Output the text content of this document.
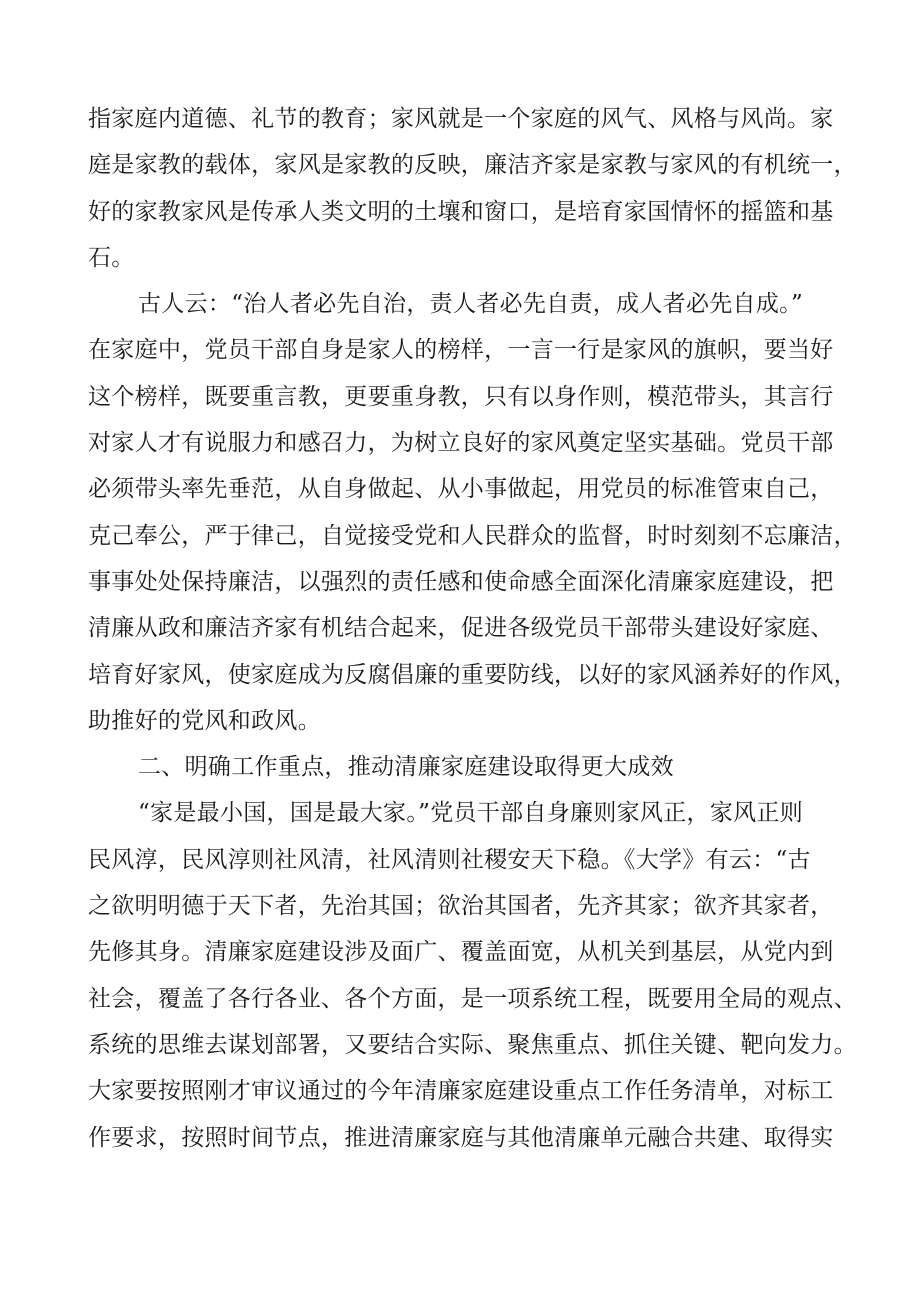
指家庭内道德、礼节的教育；家风就是一个家庭的风气、风格与风尚。家
庭是家教的载体，家风是家教的反映，廉洁齐家是家教与家风的有机统一，
好的家教家风是传承人类文明的土壤和窗口，是培育家国情怀的摇篮和基
石。
古人云：“治人者必先自治，责人者必先自责，成人者必先自成。”
在家庭中，党员干部自身是家人的榜样，一言一行是家风的旗帜，要当好
这个榜样，既要重言教，更要重身教，只有以身作则，模范带头，其言行
对家人才有说服力和感召力，为树立良好的家风奠定坚实基础。党员干部
必须带头率先垂范，从自身做起、从小事做起，用党员的标准管束自己，
克己奉公，严于律己，自觉接受党和人民群众的监督，时时刻刻不忘廉洁，
事事处处保持廉洁，以强烈的责任感和使命感全面深化清廉家庭建设，把
清廉从政和廉洁齐家有机结合起来，促进各级党员干部带头建设好家庭、
培育好家风，使家庭成为反腐倡廉的重要防线，以好的家风涵养好的作风，
助推好的党风和政风。
二、明确工作重点，推动清廉家庭建设取得更大成效
“家是最小国，国是最大家。”党员干部自身廉则家风正，家风正则
民风淳，民风淳则社风清，社风清则社稷安天下稳。《大学》有云：“古
之欲明明德于天下者，先治其国；欲治其国者，先齐其家；欲齐其家者，
先修其身。清廉家庭建设涉及面广、覆盖面宽，从机关到基层，从党内到
社会，覆盖了各行各业、各个方面，是一项系统工程，既要用全局的观点、
系统的思维去谋划部署，又要结合实际、聚焦重点、抓住关键、靶向发力。
大家要按照刚才审议通过的今年清廉家庭建设重点工作任务清单，对标工
作要求，按照时间节点，推进清廉家庭与其他清廉单元融合共建、取得实
